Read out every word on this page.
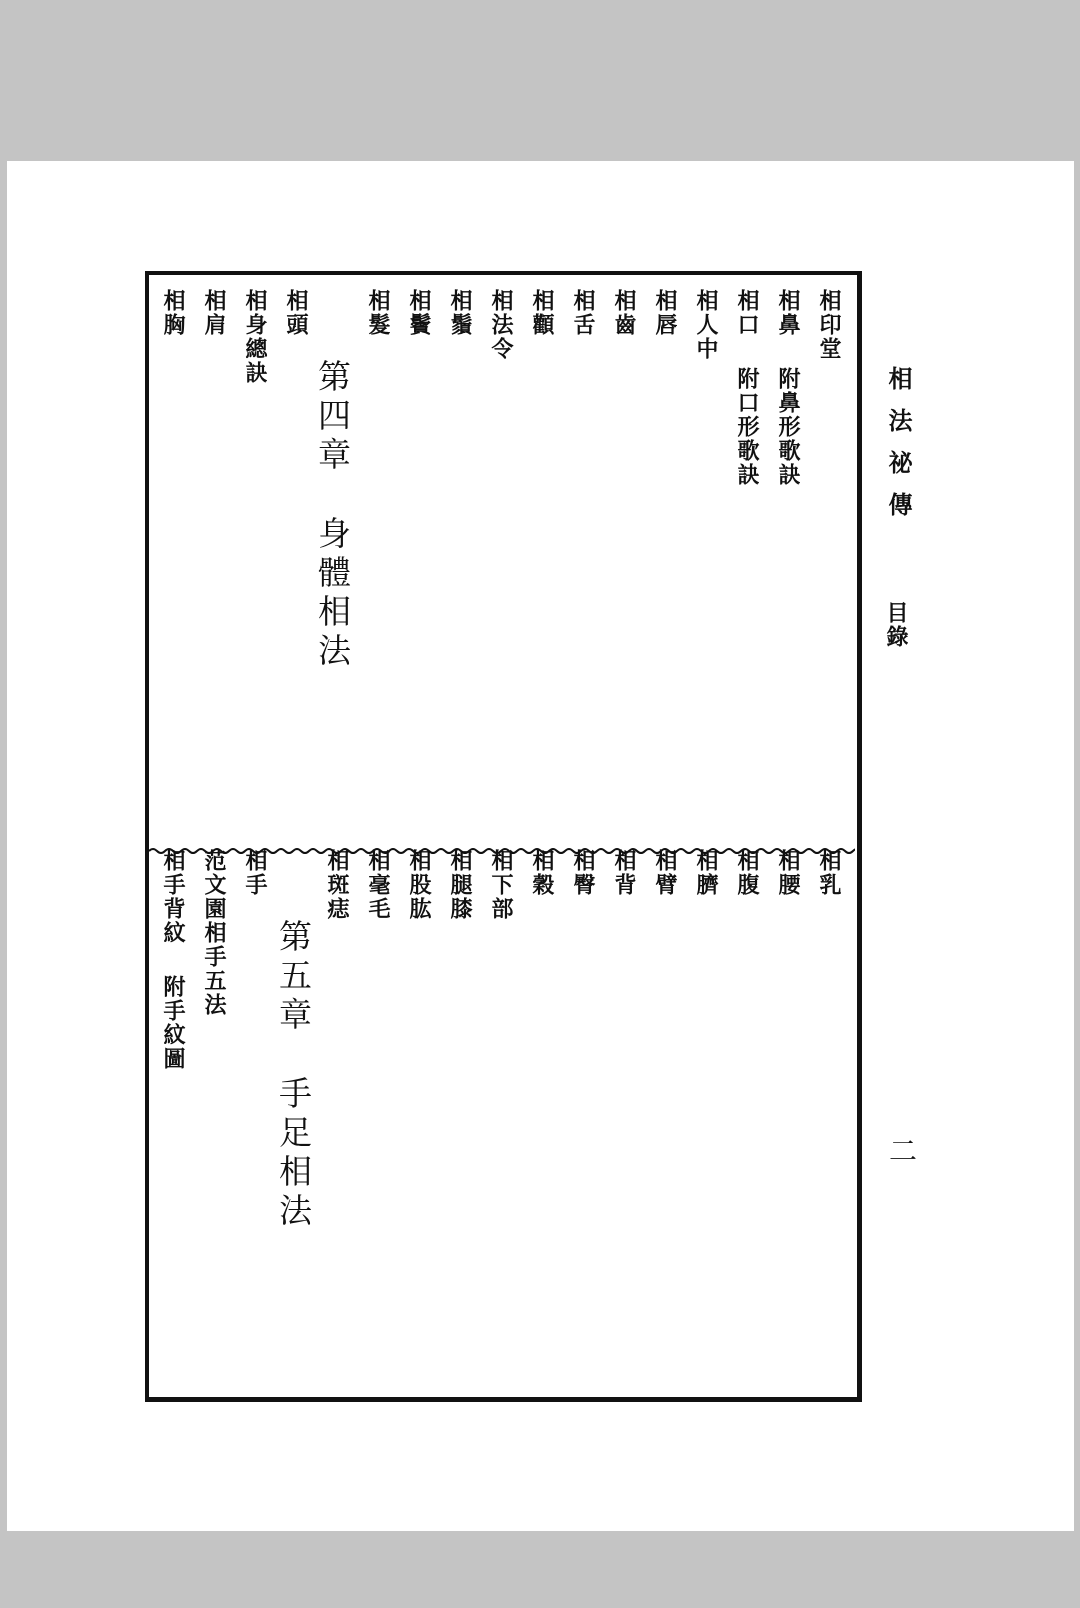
相法祕傳
目錄
二
相印堂
相鼻附鼻形歌訣
相口附口形歌訣
相人中
相唇
相齒
相舌
相顴
相法令
相鬚
相鬢
相髮
第四章身體相法
相頭
相身總訣
相肩
相胸
相乳
相腰
相腹
相臍
相臂
相背
相臀
相穀
相下部
相腿膝
相股肱
相毫毛
相斑痣
第五章手足相法
相手
范文園相手五法
相手背紋附手紋圖
